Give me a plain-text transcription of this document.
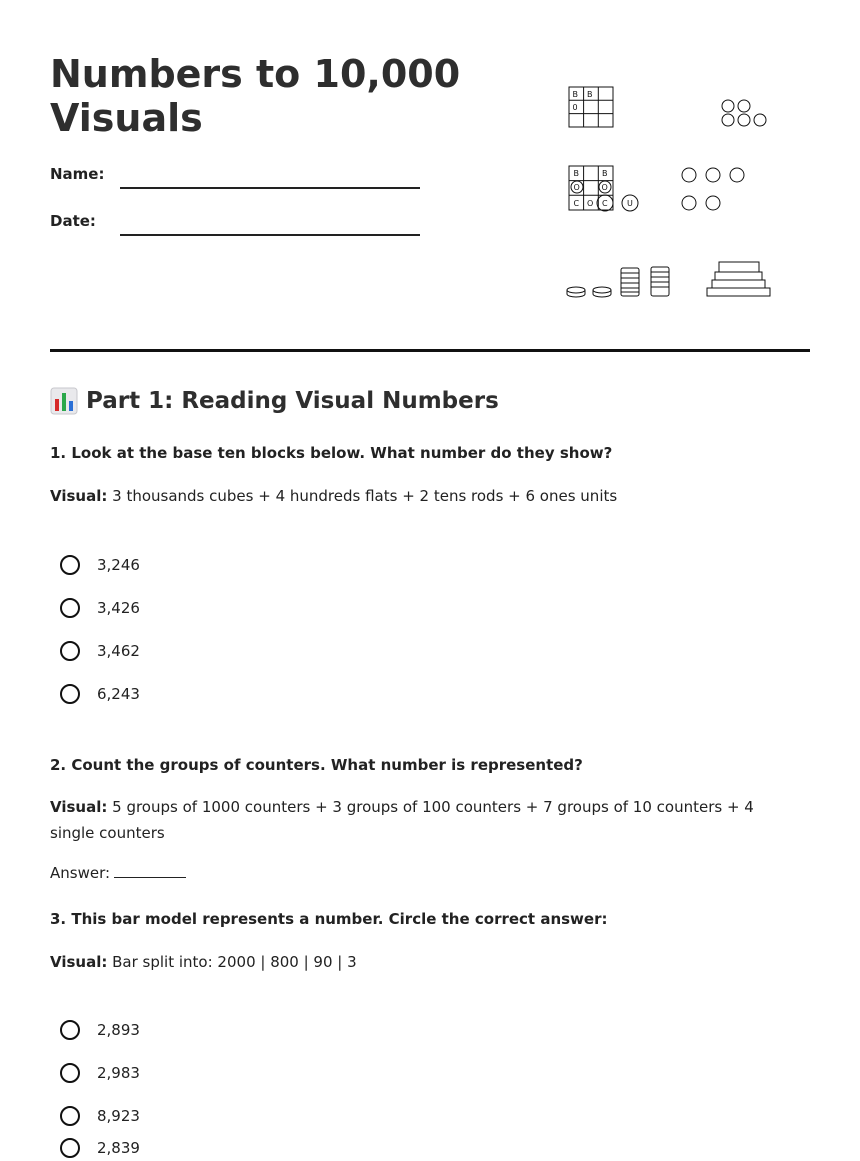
Numbers to 10,000
Visuals
Name:
Date:
B B
0
B	B
O	O
C O C U
Part 1: Reading Visual Numbers

1. Look at the base ten blocks below. What number do they show?

Visual: 3 thousands cubes + 4 hundreds flats + 2 tens rods + 6 ones units

3,246
3,426
3,462
6,243

2. Count the groups of counters. What number is represented?

Visual: 5 groups of 1000 counters + 3 groups of 100 counters + 7 groups of 10 counters + 4 single counters

Answer:

3. This bar model represents a number. Circle the correct answer:

Visual: Bar split into: 2000 | 800 | 90 | 3

2,893
2,983
8,923
2,839
